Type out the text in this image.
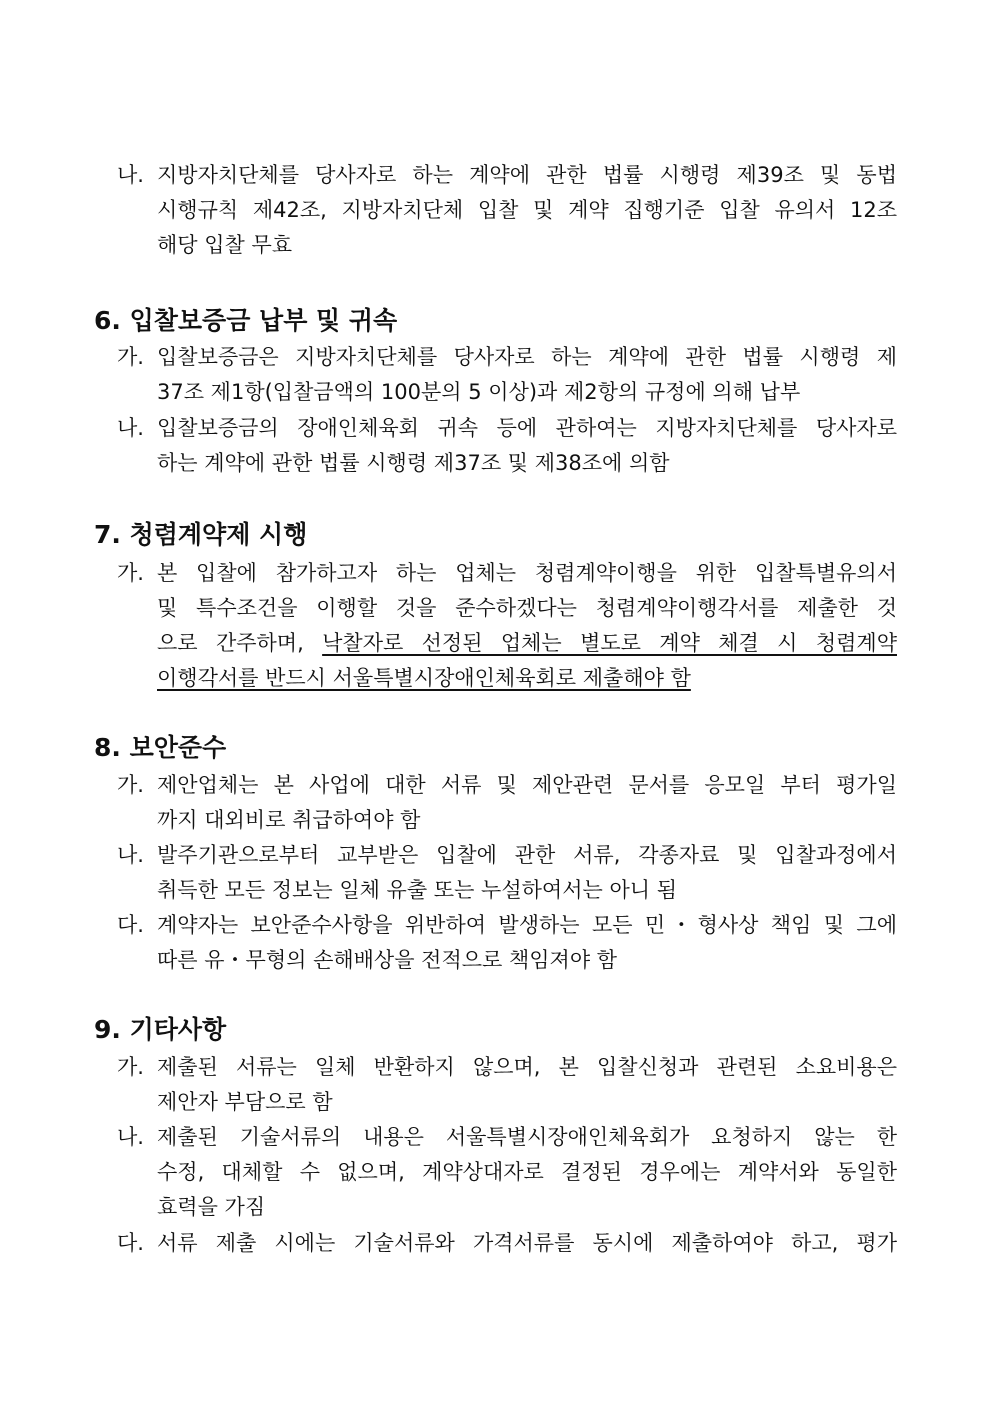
나. 지방자치단체를 당사자로 하는 계약에 관한 법률 시행령 제39조 및 동법
시행규칙 제42조, 지방자치단체 입찰 및 계약 집행기준 입찰 유의서 12조
해당 입찰 무효
6. 입찰보증금 납부 및 귀속
가. 입찰보증금은 지방자치단체를 당사자로 하는 계약에 관한 법률 시행령 제
37조 제1항(입찰금액의 100분의 5 이상)과 제2항의 규정에 의해 납부
나. 입찰보증금의 장애인체육회 귀속 등에 관하여는 지방자치단체를 당사자로
하는 계약에 관한 법률 시행령 제37조 및 제38조에 의함
7. 청렴계약제 시행
가. 본 입찰에 참가하고자 하는 업체는 청렴계약이행을 위한 입찰특별유의서
및 특수조건을 이행할 것을 준수하겠다는 청렴계약이행각서를 제출한 것
으로 간주하며, 낙찰자로 선정된 업체는 별도로 계약 체결 시 청렴계약
이행각서를 반드시 서울특별시장애인체육회로 제출해야 함
8. 보안준수
가. 제안업체는 본 사업에 대한 서류 및 제안관련 문서를 응모일 부터 평가일
까지 대외비로 취급하여야 함
나. 발주기관으로부터 교부받은 입찰에 관한 서류, 각종자료 및 입찰과정에서
취득한 모든 정보는 일체 유출 또는 누설하여서는 아니 됨
다. 계약자는 보안준수사항을 위반하여 발생하는 모든 민・형사상 책임 및 그에
따른 유・무형의 손해배상을 전적으로 책임져야 함
9. 기타사항
가. 제출된 서류는 일체 반환하지 않으며, 본 입찰신청과 관련된 소요비용은
제안자 부담으로 함
나. 제출된 기술서류의 내용은 서울특별시장애인체육회가 요청하지 않는 한
수정, 대체할 수 없으며, 계약상대자로 결정된 경우에는 계약서와 동일한
효력을 가짐
다. 서류 제출 시에는 기술서류와 가격서류를 동시에 제출하여야 하고, 평가
